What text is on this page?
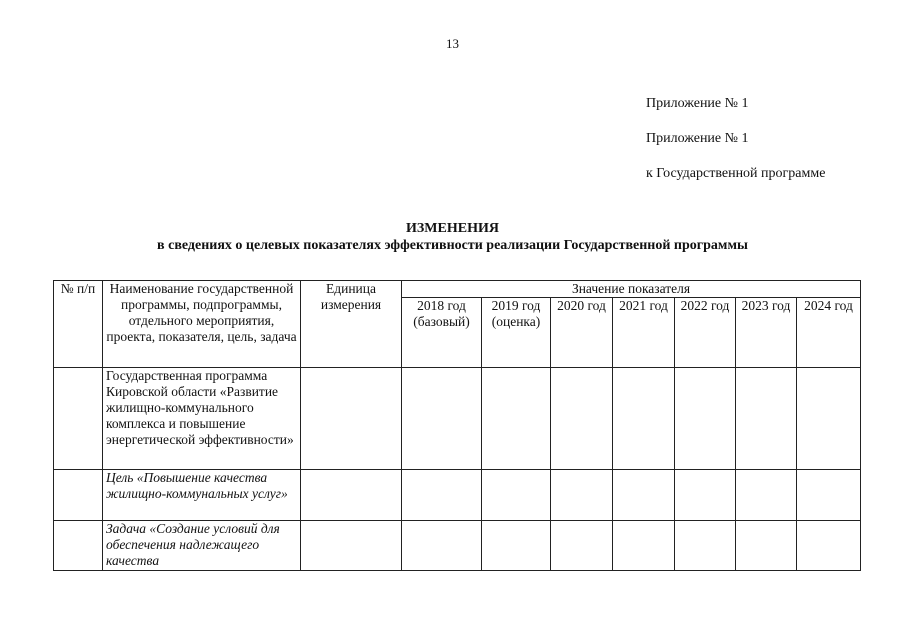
13
Приложение № 1
Приложение № 1
к Государственной программе
ИЗМЕНЕНИЯ
в сведениях о целевых показателях эффективности реализации Государственной программы
№ п/п	Наименование государственной программы, подпрограммы, отдельного мероприятия, проекта, показателя, цель, задача	Единица измерения	Значение показателя						

			2018 год (базовый)	2019 год (оценка)	2020 год	2021 год	2022 год	2023 год	2024 год

	Государственная программа Кировской области «Развитие жилищно-коммунального комплекса и повышение энергетической эффективности»								
	Цель «Повышение качества жилищно-коммунальных услуг»								
	Задача «Создание условий для обеспечения надлежащего качества								
